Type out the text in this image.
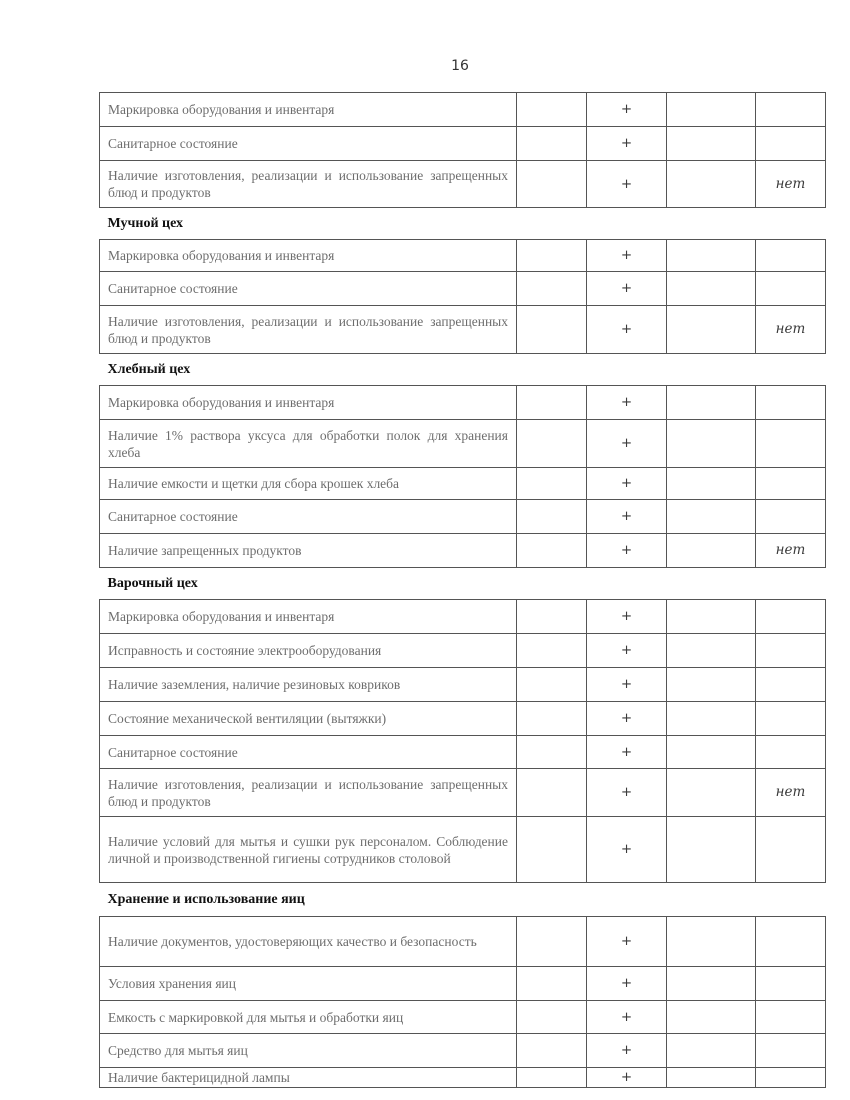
16
Маркировка оборудования и инвентаря		+		
Санитарное состояние		+		
Наличие изготовления, реализации и использование запрещенных блюд и продуктов		+		нет
Мучной цех				
Маркировка оборудования и инвентаря		+		
Санитарное состояние		+		
Наличие изготовления, реализации и использование запрещенных блюд и продуктов		+		нет
Хлебный цех				
Маркировка оборудования и инвентаря		+		
Наличие 1% раствора уксуса для обработки полок для хранения хлеба		+		
Наличие емкости и щетки для сбора крошек хлеба		+		
Санитарное состояние		+		
Наличие запрещенных продуктов		+		нет
Варочный цех				
Маркировка оборудования и инвентаря		+		
Исправность и состояние электрооборудования		+		
Наличие заземления, наличие резиновых ковриков		+		
Состояние механической вентиляции (вытяжки)		+		
Санитарное состояние		+		
Наличие изготовления, реализации и использование запрещенных блюд и продуктов		+		нет
Наличие условий для мытья и сушки рук персоналом. Соблюдение личной и производственной гигиены сотрудников столовой		+		
Хранение и использование яиц				
Наличие документов, удостоверяющих качество и безопасность		+		
Условия хранения яиц		+		
Емкость с маркировкой для мытья и обработки яиц		+		
Средство для мытья яиц		+		
Наличие бактерицидной лампы		+		
